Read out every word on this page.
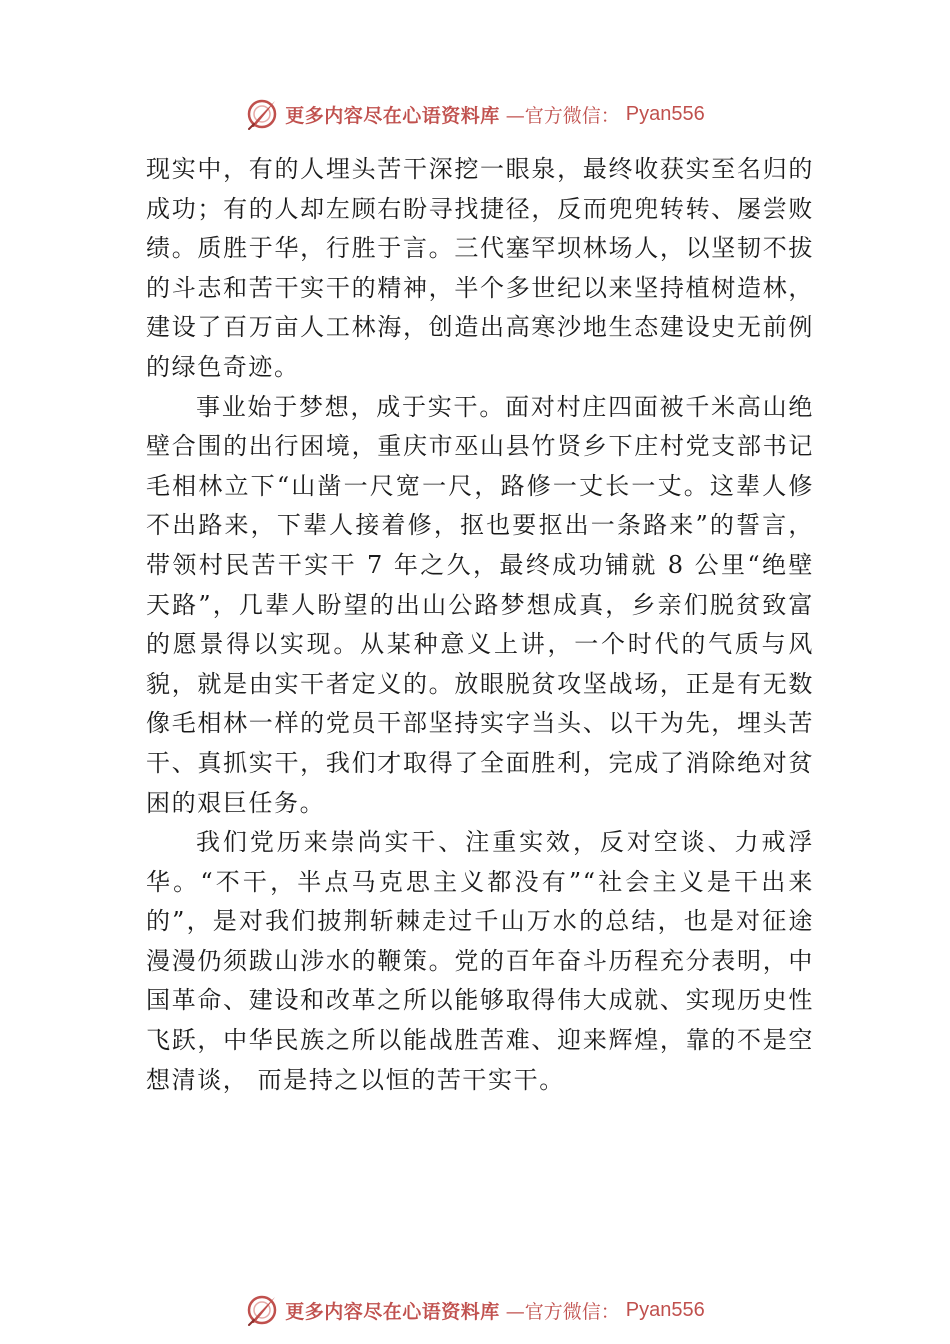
更多内容尽在心语资料库 —官方微信： Pyan556

现实中，有的人埋头苦干深挖一眼泉，最终收获实至名归的成功；有的人却左顾右盼寻找捷径，反而兜兜转转、屡尝败绩。质胜于华，行胜于言。三代塞罕坝林场人，以坚韧不拔的斗志和苦干实干的精神，半个多世纪以来坚持植树造林，建设了百万亩人工林海，创造出高寒沙地生态建设史无前例的绿色奇迹。

事业始于梦想，成于实干。面对村庄四面被千米高山绝壁合围的出行困境，重庆市巫山县竹贤乡下庄村党支部书记毛相林立下“山凿一尺宽一尺，路修一丈长一丈。这辈人修不出路来，下辈人接着修，抠也要抠出一条路来”的誓言，带领村民苦干实干 7 年之久，最终成功铺就 8 公里“绝壁天路”，几辈人盼望的出山公路梦想成真，乡亲们脱贫致富的愿景得以实现。从某种意义上讲，一个时代的气质与风貌，就是由实干者定义的。放眼脱贫攻坚战场，正是有无数像毛相林一样的党员干部坚持实字当头、以干为先，埋头苦干、真抓实干，我们才取得了全面胜利，完成了消除绝对贫困的艰巨任务。

我们党历来崇尚实干、注重实效，反对空谈、力戒浮华。“不干，半点马克思主义都没有”“社会主义是干出来的”，是对我们披荆斩棘走过千山万水的总结，也是对征途漫漫仍须跋山涉水的鞭策。党的百年奋斗历程充分表明，中国革命、建设和改革之所以能够取得伟大成就、实现历史性飞跃，中华民族之所以能战胜苦难、迎来辉煌，靠的不是空想清谈， 而是持之以恒的苦干实干。

更多内容尽在心语资料库 —官方微信： Pyan556
